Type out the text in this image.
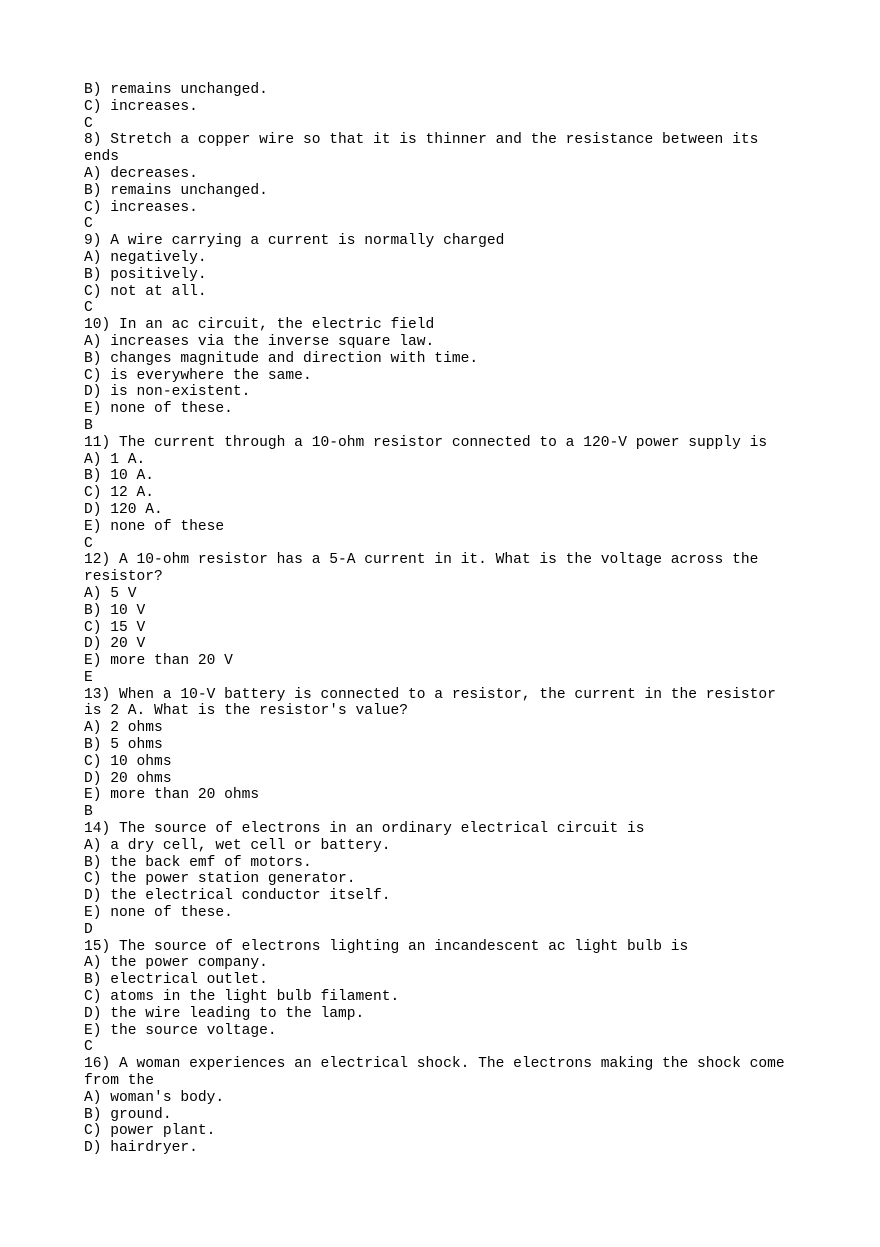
B) remains unchanged.
C) increases.
C
8) Stretch a copper wire so that it is thinner and the resistance between its
ends
A) decreases.
B) remains unchanged.
C) increases.
C
9) A wire carrying a current is normally charged
A) negatively.
B) positively.
C) not at all.
C
10) In an ac circuit, the electric field
A) increases via the inverse square law.
B) changes magnitude and direction with time.
C) is everywhere the same.
D) is non-existent.
E) none of these.
B
11) The current through a 10-ohm resistor connected to a 120-V power supply is
A) 1 A.
B) 10 A.
C) 12 A.
D) 120 A.
E) none of these
C
12) A 10-ohm resistor has a 5-A current in it. What is the voltage across the
resistor?
A) 5 V
B) 10 V
C) 15 V
D) 20 V
E) more than 20 V
E
13) When a 10-V battery is connected to a resistor, the current in the resistor
is 2 A. What is the resistor's value?
A) 2 ohms
B) 5 ohms
C) 10 ohms
D) 20 ohms
E) more than 20 ohms
B
14) The source of electrons in an ordinary electrical circuit is
A) a dry cell, wet cell or battery.
B) the back emf of motors.
C) the power station generator.
D) the electrical conductor itself.
E) none of these.
D
15) The source of electrons lighting an incandescent ac light bulb is
A) the power company.
B) electrical outlet.
C) atoms in the light bulb filament.
D) the wire leading to the lamp.
E) the source voltage.
C
16) A woman experiences an electrical shock. The electrons making the shock come
from the
A) woman's body.
B) ground.
C) power plant.
D) hairdryer.
